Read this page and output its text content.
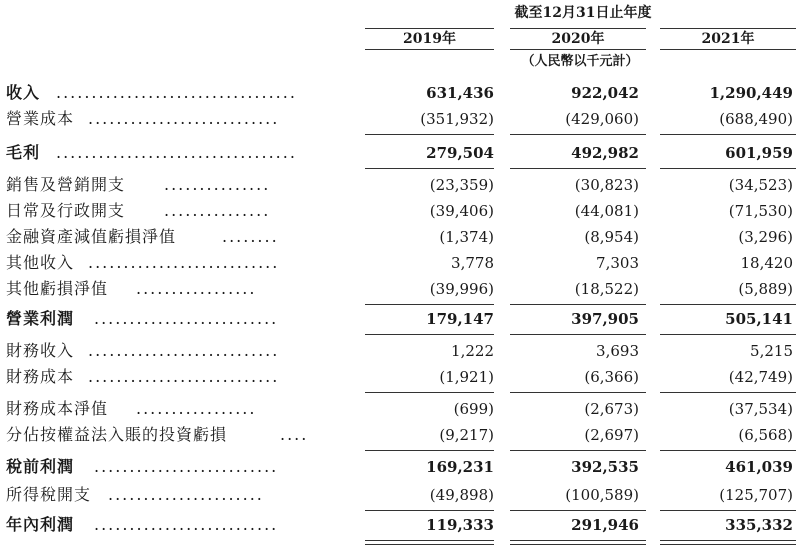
截至12月31日止年度
2019年	2020年	2021年
（人民幣以千元計）
收入 ..................................	631,436	922,042	1,290,449
營業成本 ...........................	(351,932)	(429,060)	(688,490)
毛利 ..................................	279,504	492,982	601,959
銷售及營銷開支 ...............	(23,359)	(30,823)	(34,523)
日常及行政開支 ...............	(39,406)	(44,081)	(71,530)
金融資產減值虧損淨值	........	(1,374)	(8,954)	(3,296)
其他收入 ...........................	3,778	7,303	18,420
其他虧損淨值 .................	(39,996)	(18,522)	(5,889)
營業利潤 ..........................	179,147	397,905	505,141
財務收入 ...........................	1,222	3,693	5,215
財務成本 ...........................	(1,921)	(6,366)	(42,749)
財務成本淨值 .................	(699)	(2,673)	(37,534)
分佔按權益法入賬的投資虧損	....	(9,217)	(2,697)	(6,568)
稅前利潤 ..........................	169,231	392,535	461,039
所得稅開支 ......................	(49,898)	(100,589)	(125,707)
年內利潤 ..........................	119,333	291,946	335,332
